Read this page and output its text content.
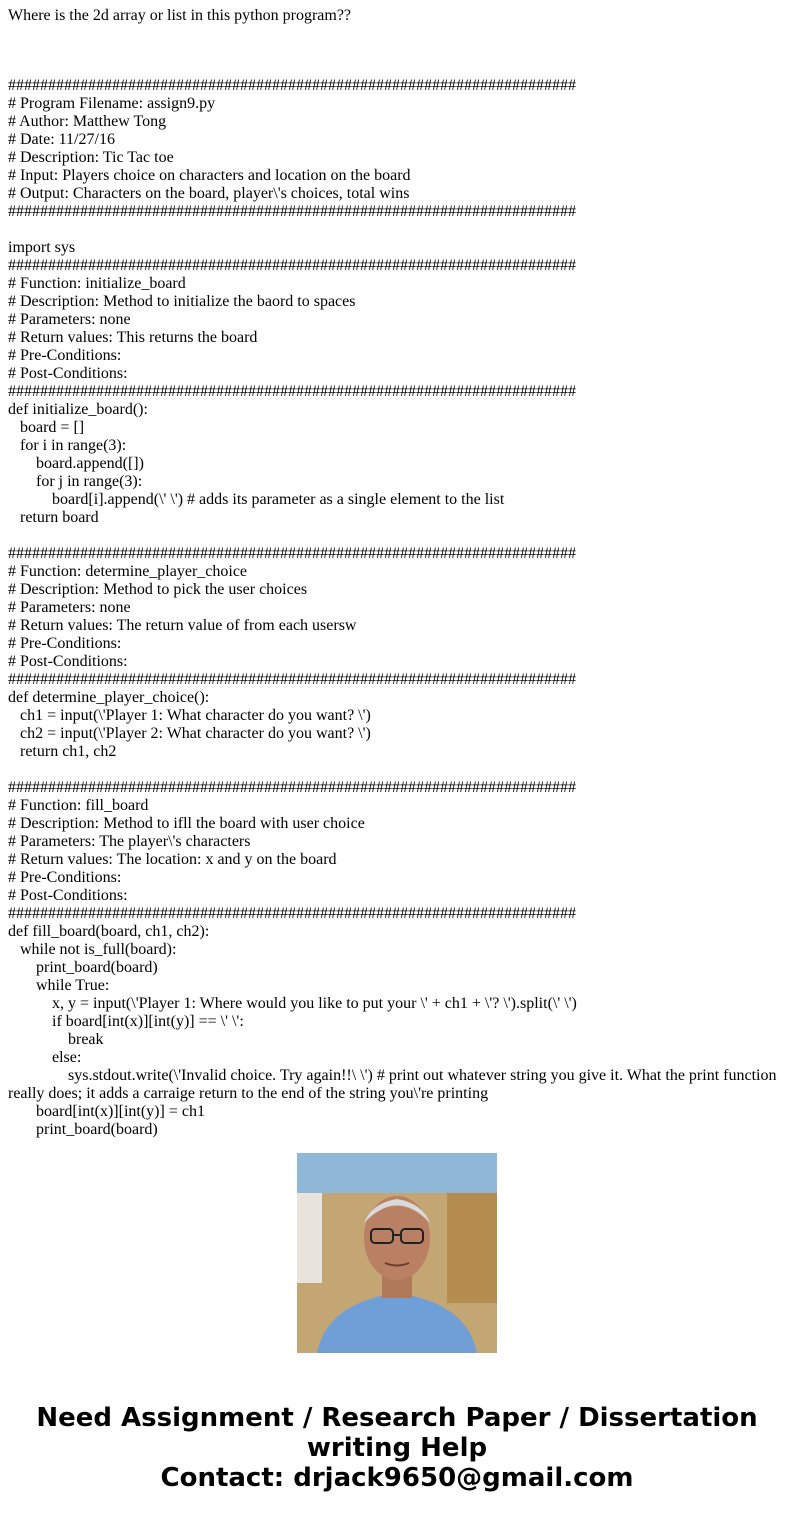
Where is the 2d array or list in this python program??

#######################################################################

# Program Filename: assign9.py

# Author: Matthew Tong

# Date: 11/27/16

# Description: Tic Tac toe

# Input: Players choice on characters and location on the board

# Output: Characters on the board, player\'s choices, total wins

#######################################################################

import sys

#######################################################################

# Function: initialize_board

# Description: Method to initialize the baord to spaces

# Parameters: none

# Return values: This returns the board

# Pre-Conditions:

# Post-Conditions:

#######################################################################

def initialize_board():

board = []

for i in range(3):

board.append([])

for j in range(3):

board[i].append(\' \') # adds its parameter as a single element to the list

return board

#######################################################################

# Function: determine_player_choice

# Description: Method to pick the user choices

# Parameters: none

# Return values: The return value of from each usersw

# Pre-Conditions:

# Post-Conditions:

#######################################################################

def determine_player_choice():

ch1 = input(\'Player 1: What character do you want? \')

ch2 = input(\'Player 2: What character do you want? \')

return ch1, ch2

#######################################################################

# Function: fill_board

# Description: Method to ifll the board with user choice

# Parameters: The player\'s characters

# Return values: The location: x and y on the board

# Pre-Conditions:

# Post-Conditions:

#######################################################################

def fill_board(board, ch1, ch2):

while not is_full(board):

print_board(board)

while True:

x, y = input(\'Player 1: Where would you like to put your \' + ch1 + \'? \').split(\' \')

if board[int(x)][int(y)] == \' \':

break

else:

sys.stdout.write(\'Invalid choice. Try again!!\ \') # print out whatever string you give it. What the print function really does; it adds a carraige return to the end of the string you\'re printing

board[int(x)][int(y)] = ch1

print_board(board)

Need Assignment / Research Paper / Dissertation writing Help
Contact: drjack9650@gmail.com
